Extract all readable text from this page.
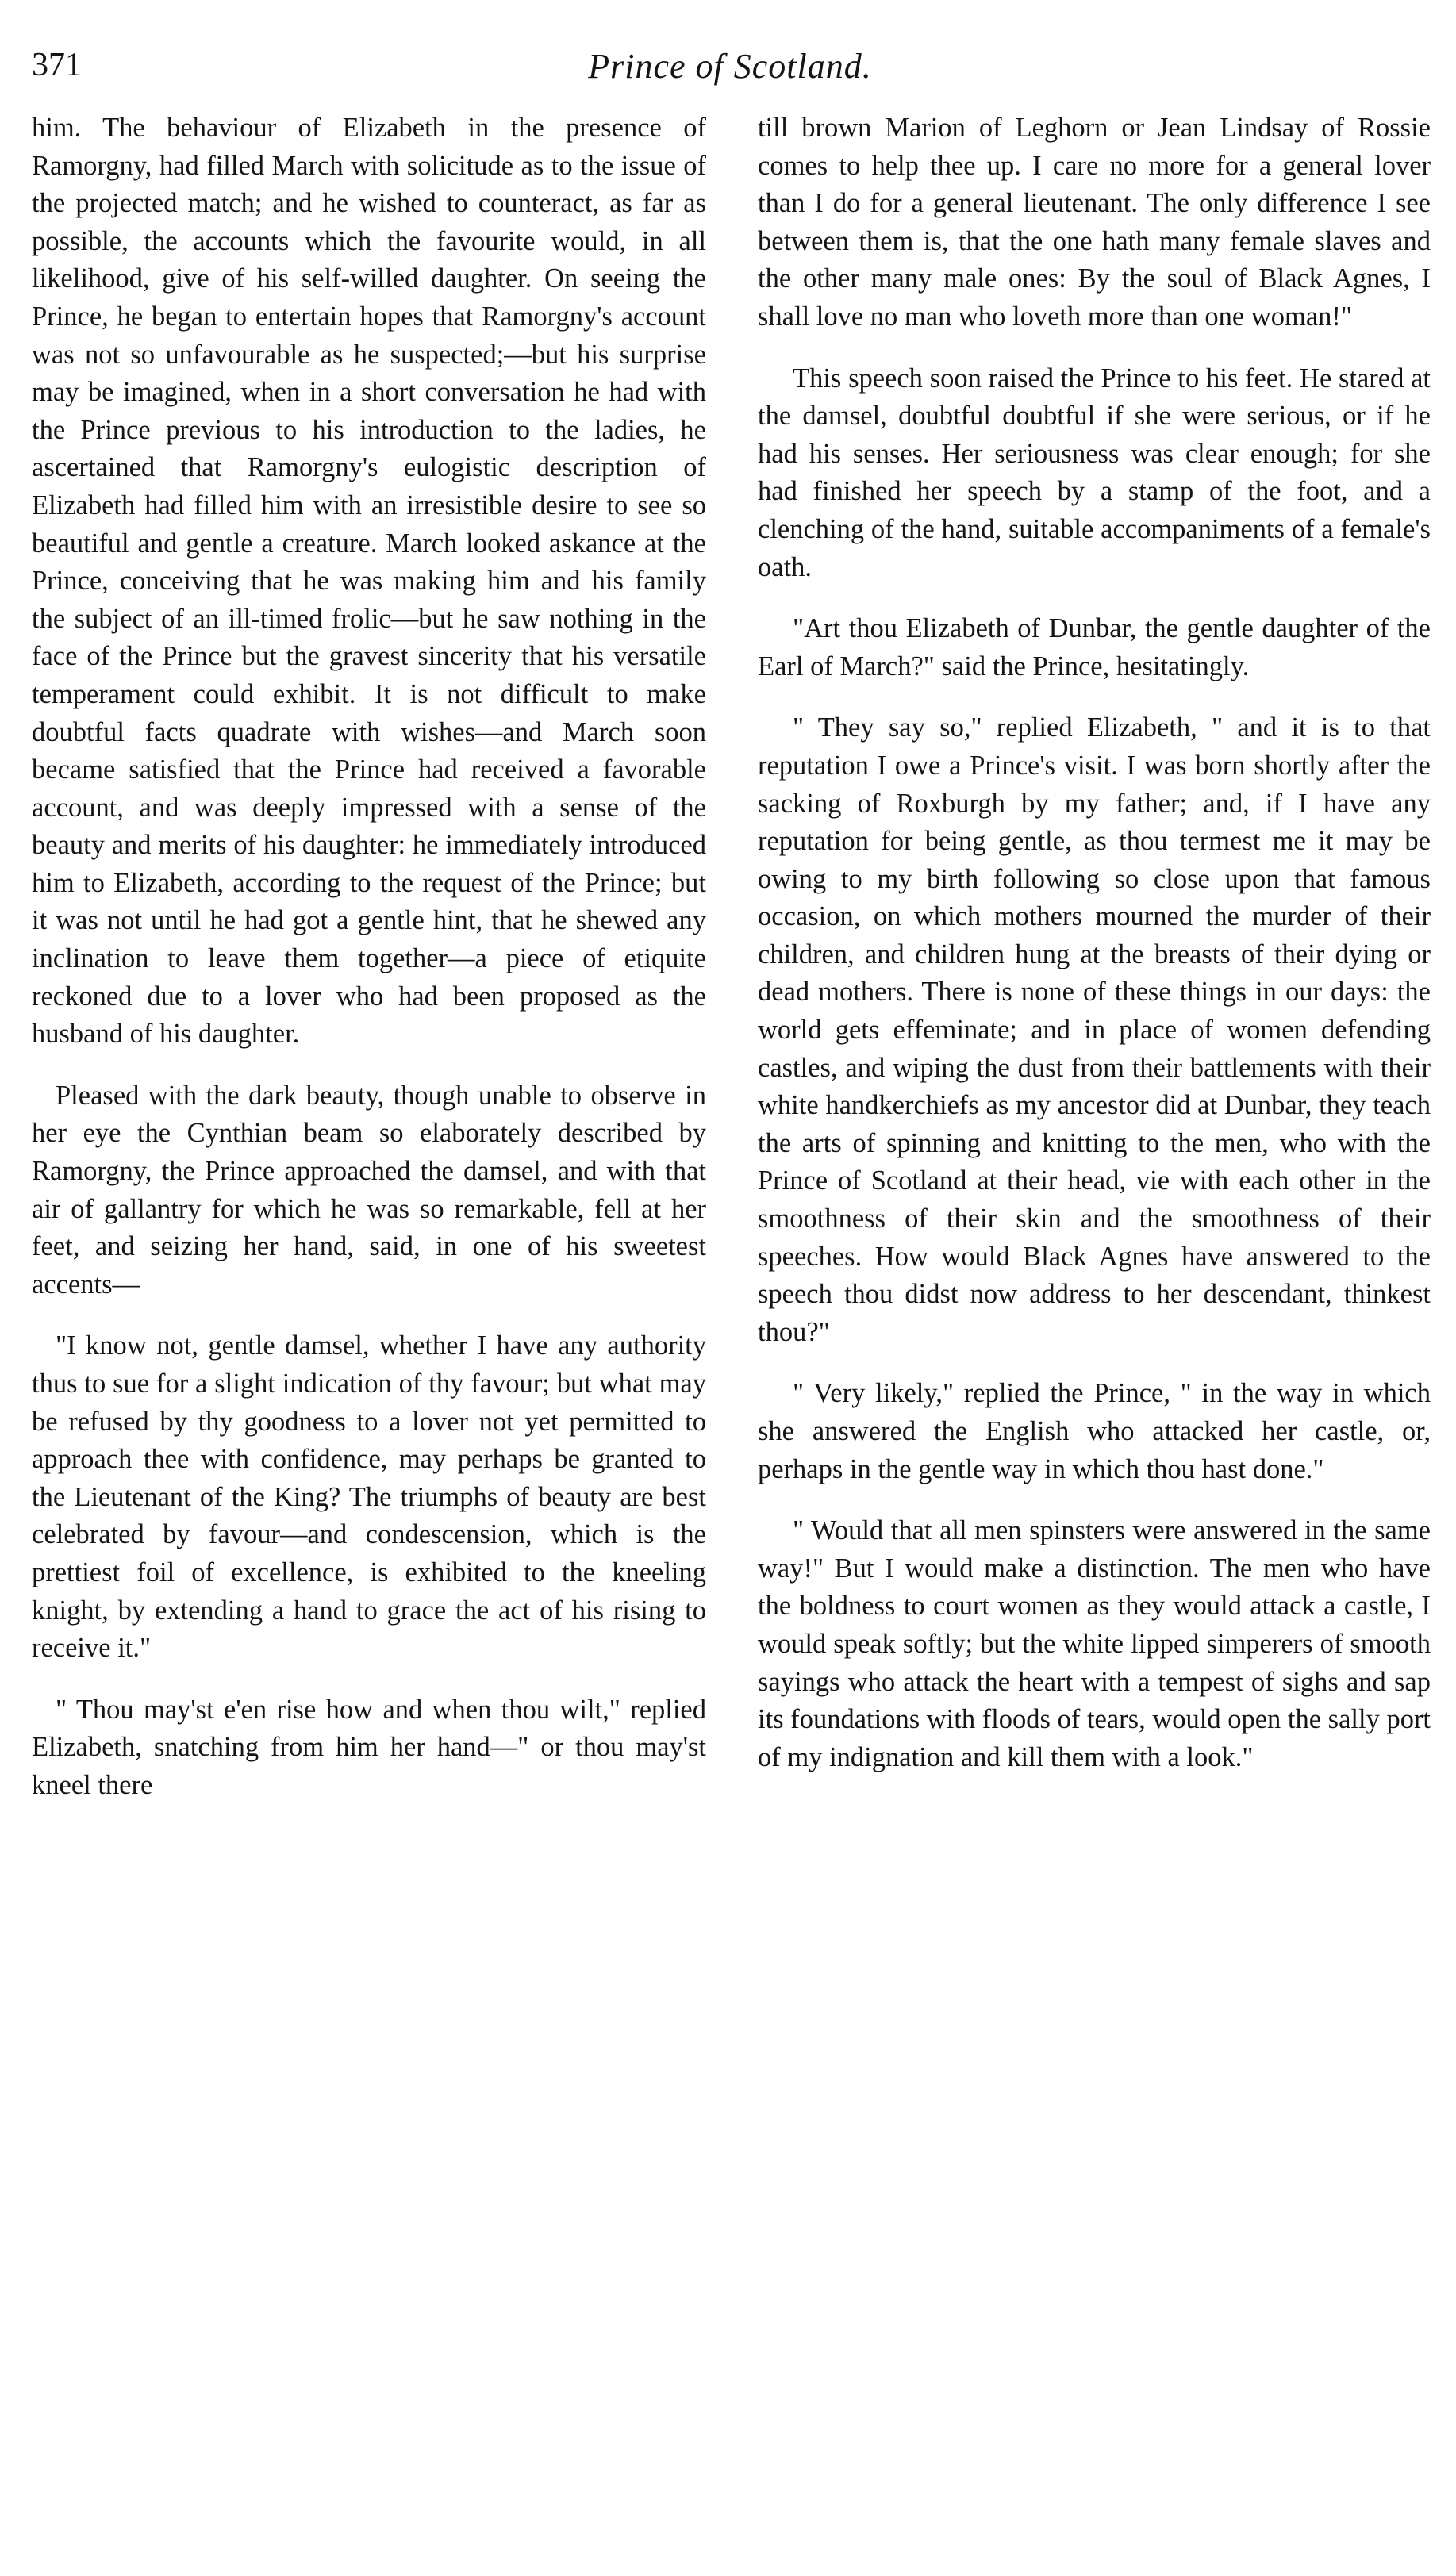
Prince of Scotland.
371

him. The behaviour of Elizabeth in the presence of Ramorgny, had filled March with solicitude as to the issue of the projected match; and he wished to counteract, as far as possible, the accounts which the favourite would, in all likelihood, give of his self-willed daughter. On seeing the Prince, he began to entertain hopes that Ramorgny's account was not so unfavourable as he suspected;—but his surprise may be imagined, when in a short conversation he had with the Prince previous to his introduction to the ladies, he ascertained that Ramorgny's eulogistic description of Elizabeth had filled him with an irresistible desire to see so beautiful and gentle a creature. March looked askance at the Prince, conceiving that he was making him and his family the subject of an ill-timed frolic—but he saw nothing in the face of the Prince but the gravest sincerity that his versatile temperament could exhibit. It is not difficult to make doubtful facts quadrate with wishes—and March soon became satisfied that the Prince had received a favorable account, and was deeply impressed with a sense of the beauty and merits of his daughter: he immediately introduced him to Elizabeth, according to the request of the Prince; but it was not until he had got a gentle hint, that he shewed any inclination to leave them together—a piece of etiquite reckoned due to a lover who had been proposed as the husband of his daughter.

Pleased with the dark beauty, though unable to observe in her eye the Cynthian beam so elaborately described by Ramorgny, the Prince approached the damsel, and with that air of gallantry for which he was so remarkable, fell at her feet, and seizing her hand, said, in one of his sweetest accents—

"I know not, gentle damsel, whether I have any authority thus to sue for a slight indication of thy favour; but what may be refused by thy goodness to a lover not yet permitted to approach thee with confidence, may perhaps be granted to the Lieutenant of the King? The triumphs of beauty are best celebrated by favour—and condescension, which is the prettiest foil of excellence, is exhibited to the kneeling knight, by extending a hand to grace the act of his rising to receive it."

" Thou may'st e'en rise how and when thou wilt," replied Elizabeth, snatching from him her hand—" or thou may'st kneel there

till brown Marion of Leghorn or Jean Lindsay of Rossie comes to help thee up. I care no more for a general lover than I do for a general lieutenant. The only difference I see between them is, that the one hath many female slaves and the other many male ones: By the soul of Black Agnes, I shall love no man who loveth more than one woman!"

This speech soon raised the Prince to his feet. He stared at the damsel, doubtful doubtful if she were serious, or if he had his senses. Her seriousness was clear enough; for she had finished her speech by a stamp of the foot, and a clenching of the hand, suitable accompaniments of a female's oath.

"Art thou Elizabeth of Dunbar, the gentle daughter of the Earl of March?" said the Prince, hesitatingly.

" They say so," replied Elizabeth, " and it is to that reputation I owe a Prince's visit. I was born shortly after the sacking of Roxburgh by my father; and, if I have any reputation for being gentle, as thou termest me it may be owing to my birth following so close upon that famous occasion, on which mothers mourned the murder of their children, and children hung at the breasts of their dying or dead mothers. There is none of these things in our days: the world gets effeminate; and in place of women defending castles, and wiping the dust from their battlements with their white handkerchiefs as my ancestor did at Dunbar, they teach the arts of spinning and knitting to the men, who with the Prince of Scotland at their head, vie with each other in the smoothness of their skin and the smoothness of their speeches. How would Black Agnes have answered to the speech thou didst now address to her descendant, thinkest thou?"

" Very likely," replied the Prince, " in the way in which she answered the English who attacked her castle, or, perhaps in the gentle way in which thou hast done."

" Would that all men spinsters were answered in the same way!" But I would make a distinction. The men who have the boldness to court women as they would attack a castle, I would speak softly; but the white lipped simperers of smooth sayings who attack the heart with a tempest of sighs and sap its foundations with floods of tears, would open the sally port of my indignation and kill them with a look."
